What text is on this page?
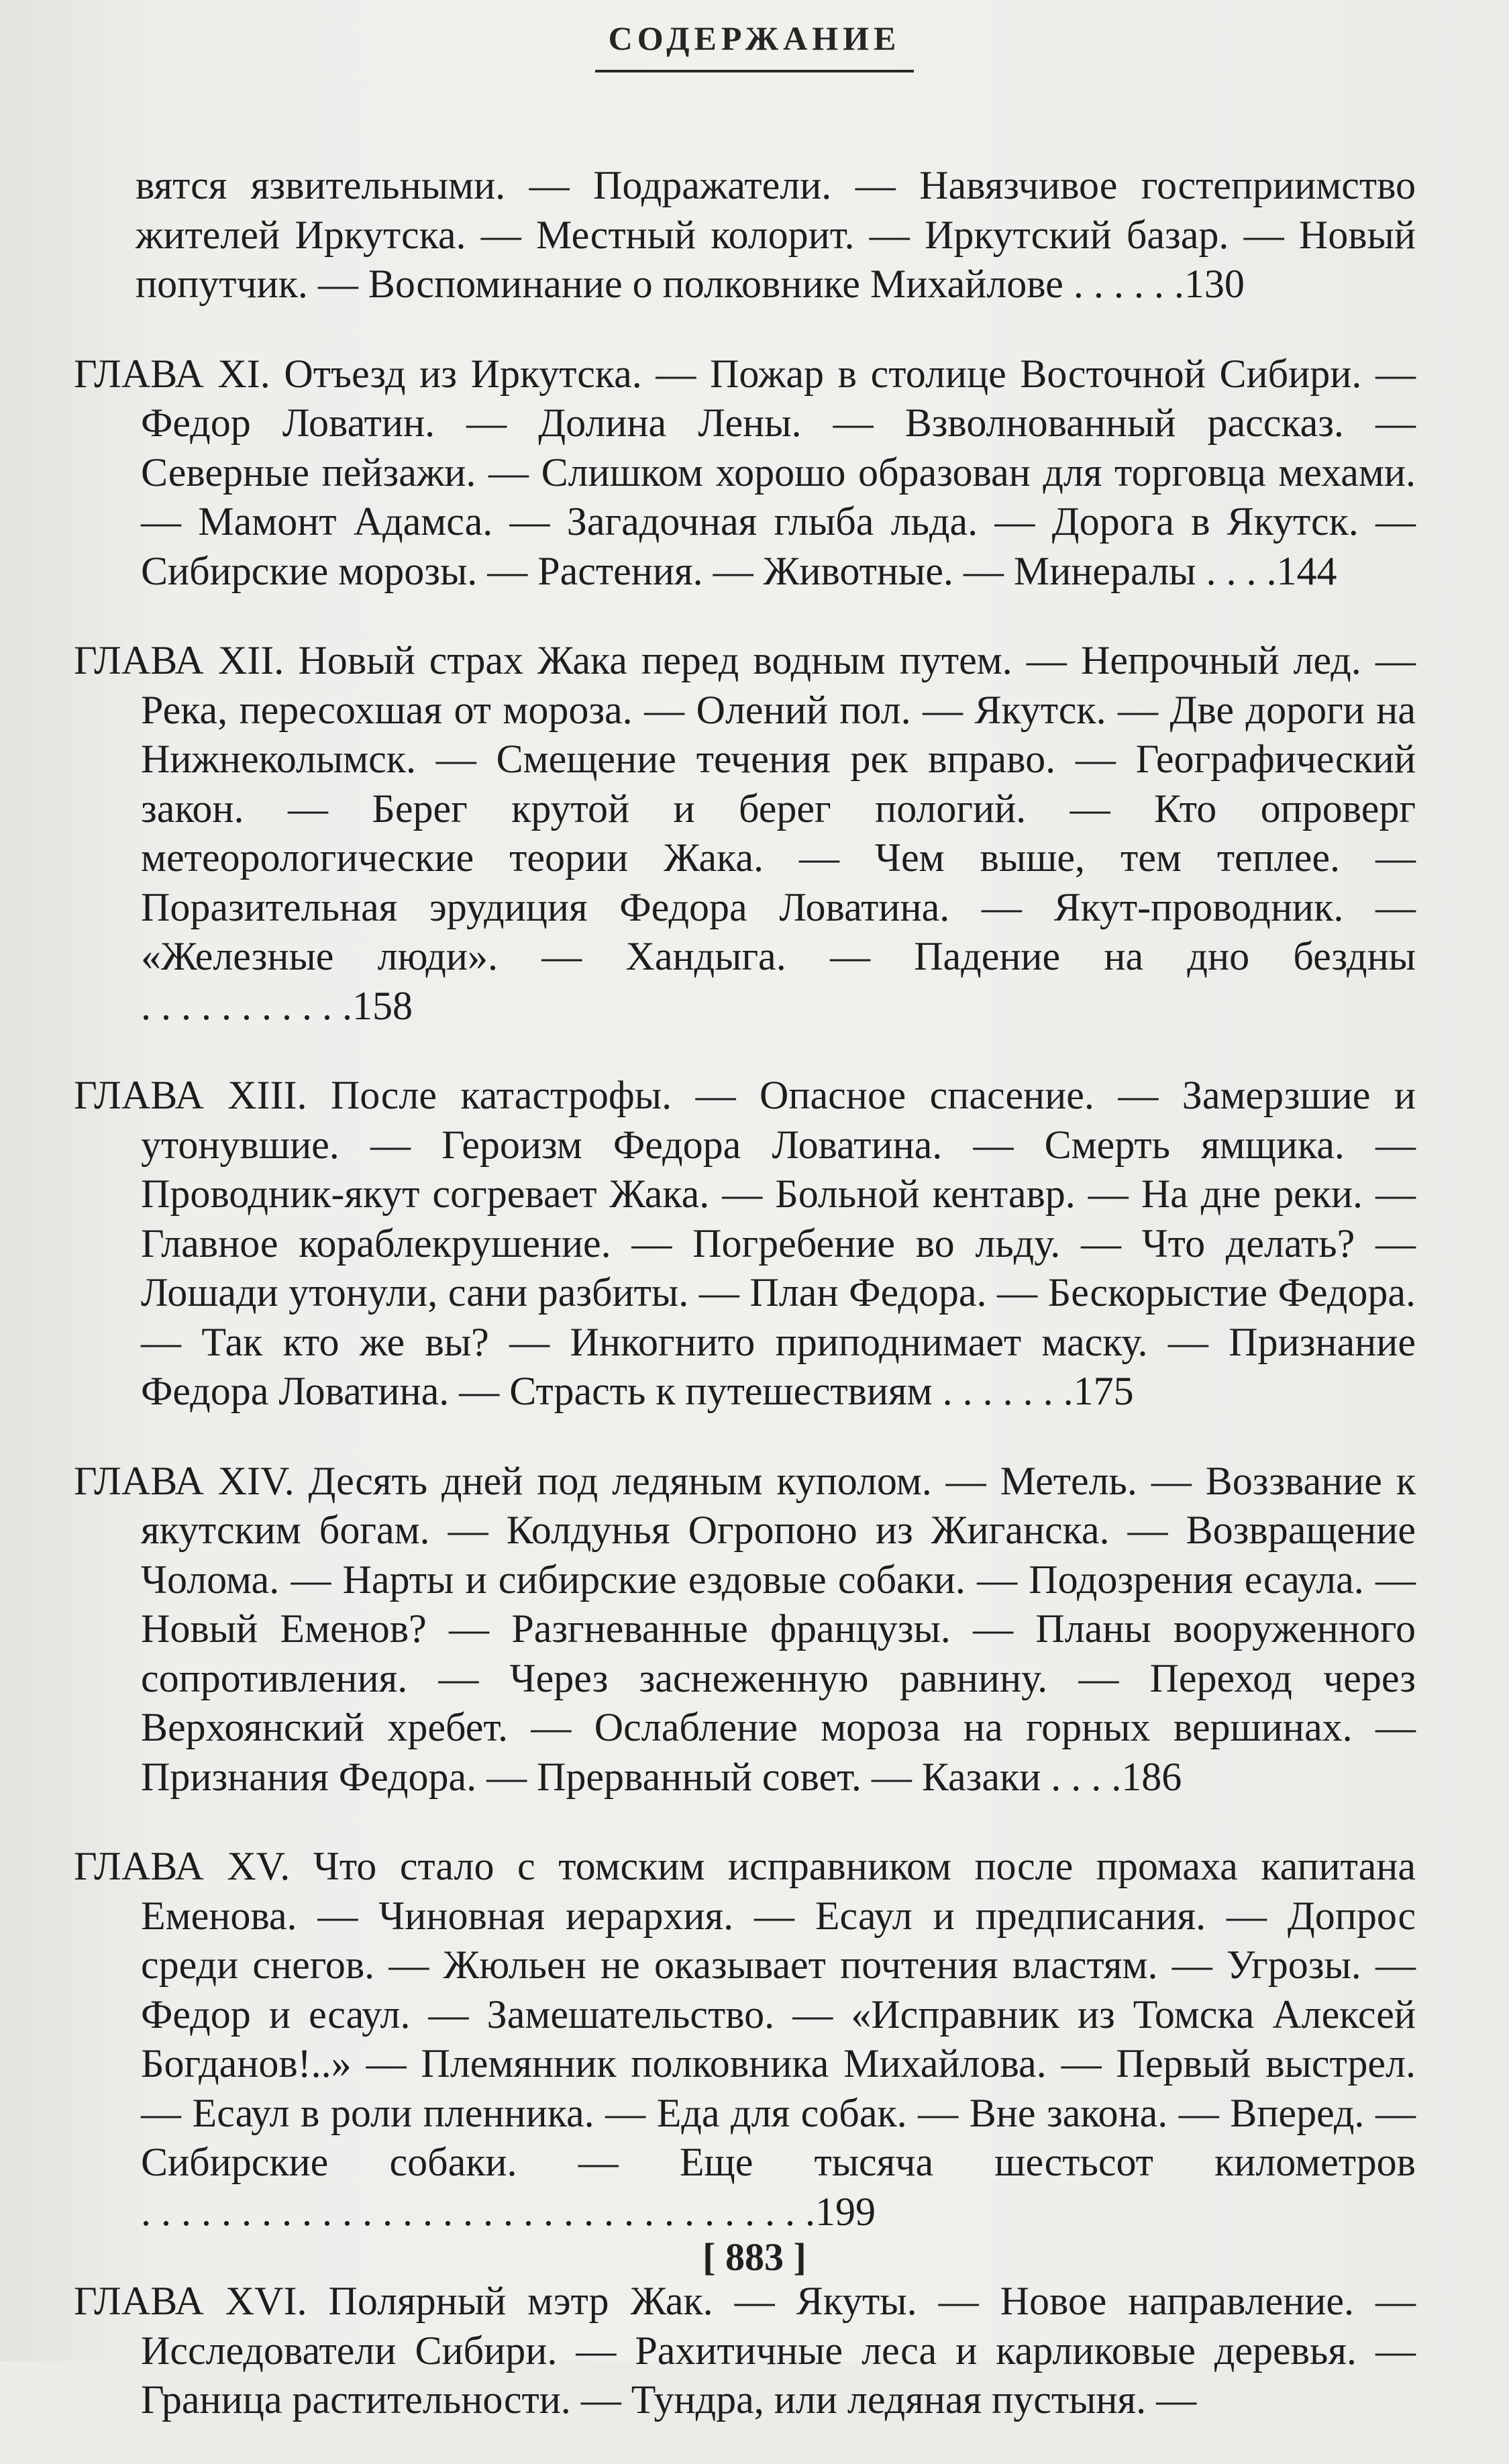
СОДЕРЖАНИЕ

вятся язвительными. — Подражатели. — Навязчивое гостеприимство жителей Иркутска. — Местный колорит. — Иркутский базар. — Новый попутчик. — Воспоминание о полковнике Михайлове . . . . . .130

ГЛАВА XI. Отъезд из Иркутска. — Пожар в столице Восточной Сибири. — Федор Ловатин. — Долина Лены. — Взволнованный рассказ. — Северные пейзажи. — Слишком хорошо образован для торговца мехами. — Мамонт Адамса. — Загадочная глыба льда. — Дорога в Якутск. — Сибирские морозы. — Растения. — Животные. — Минералы . . . .144

ГЛАВА XII. Новый страх Жака перед водным путем. — Непрочный лед. — Река, пересохшая от мороза. — Олений пол. — Якутск. — Две дороги на Нижнеколымск. — Смещение течения рек вправо. — Географический закон. — Берег крутой и берег пологий. — Кто опроверг метеорологические теории Жака. — Чем выше, тем теплее. — Поразительная эрудиция Федора Ловатина. — Якут-проводник. — «Железные люди». — Хандыга. — Падение на дно бездны . . . . . . . . . . .158

ГЛАВА XIII. После катастрофы. — Опасное спасение. — Замерзшие и утонувшие. — Героизм Федора Ловатина. — Смерть ямщика. — Проводник-якут согревает Жака. — Больной кентавр. — На дне реки. — Главное кораблекрушение. — Погребение во льду. — Что делать? — Лошади утонули, сани разбиты. — План Федора. — Бескорыстие Федора. — Так кто же вы? — Инкогнито приподнимает маску. — Признание Федора Ловатина. — Страсть к путешествиям . . . . . . .175

ГЛАВА XIV. Десять дней под ледяным куполом. — Метель. — Воззвание к якутским богам. — Колдунья Огропоно из Жиганска. — Возвращение Чолома. — Нарты и сибирские ездовые собаки. — Подозрения есаула. — Новый Еменов? — Разгневанные французы. — Планы вооруженного сопротивления. — Через заснеженную равнину. — Переход через Верхоянский хребет. — Ослабление мороза на горных вершинах. — Признания Федора. — Прерванный совет. — Казаки . . . .186

ГЛАВА XV. Что стало с томским исправником после промаха капитана Еменова. — Чиновная иерархия. — Есаул и предписания. — Допрос среди снегов. — Жюльен не оказывает почтения властям. — Угрозы. — Федор и есаул. — Замешательство. — «Исправник из Томска Алексей Богданов!..» — Племянник полковника Михайлова. — Первый выстрел. — Есаул в роли пленника. — Еда для собак. — Вне закона. — Вперед. — Сибирские собаки. — Еще тысяча шестьсот километров . . . . . . . . . . . . . . . . . . . . . . . . . . . . . . . . . .199

ГЛАВА XVI. Полярный мэтр Жак. — Якуты. — Новое направление. — Исследователи Сибири. — Рахитичные леса и карликовые деревья. — Граница растительности. — Тундра, или ледяная пустыня. —

[ 883 ]
